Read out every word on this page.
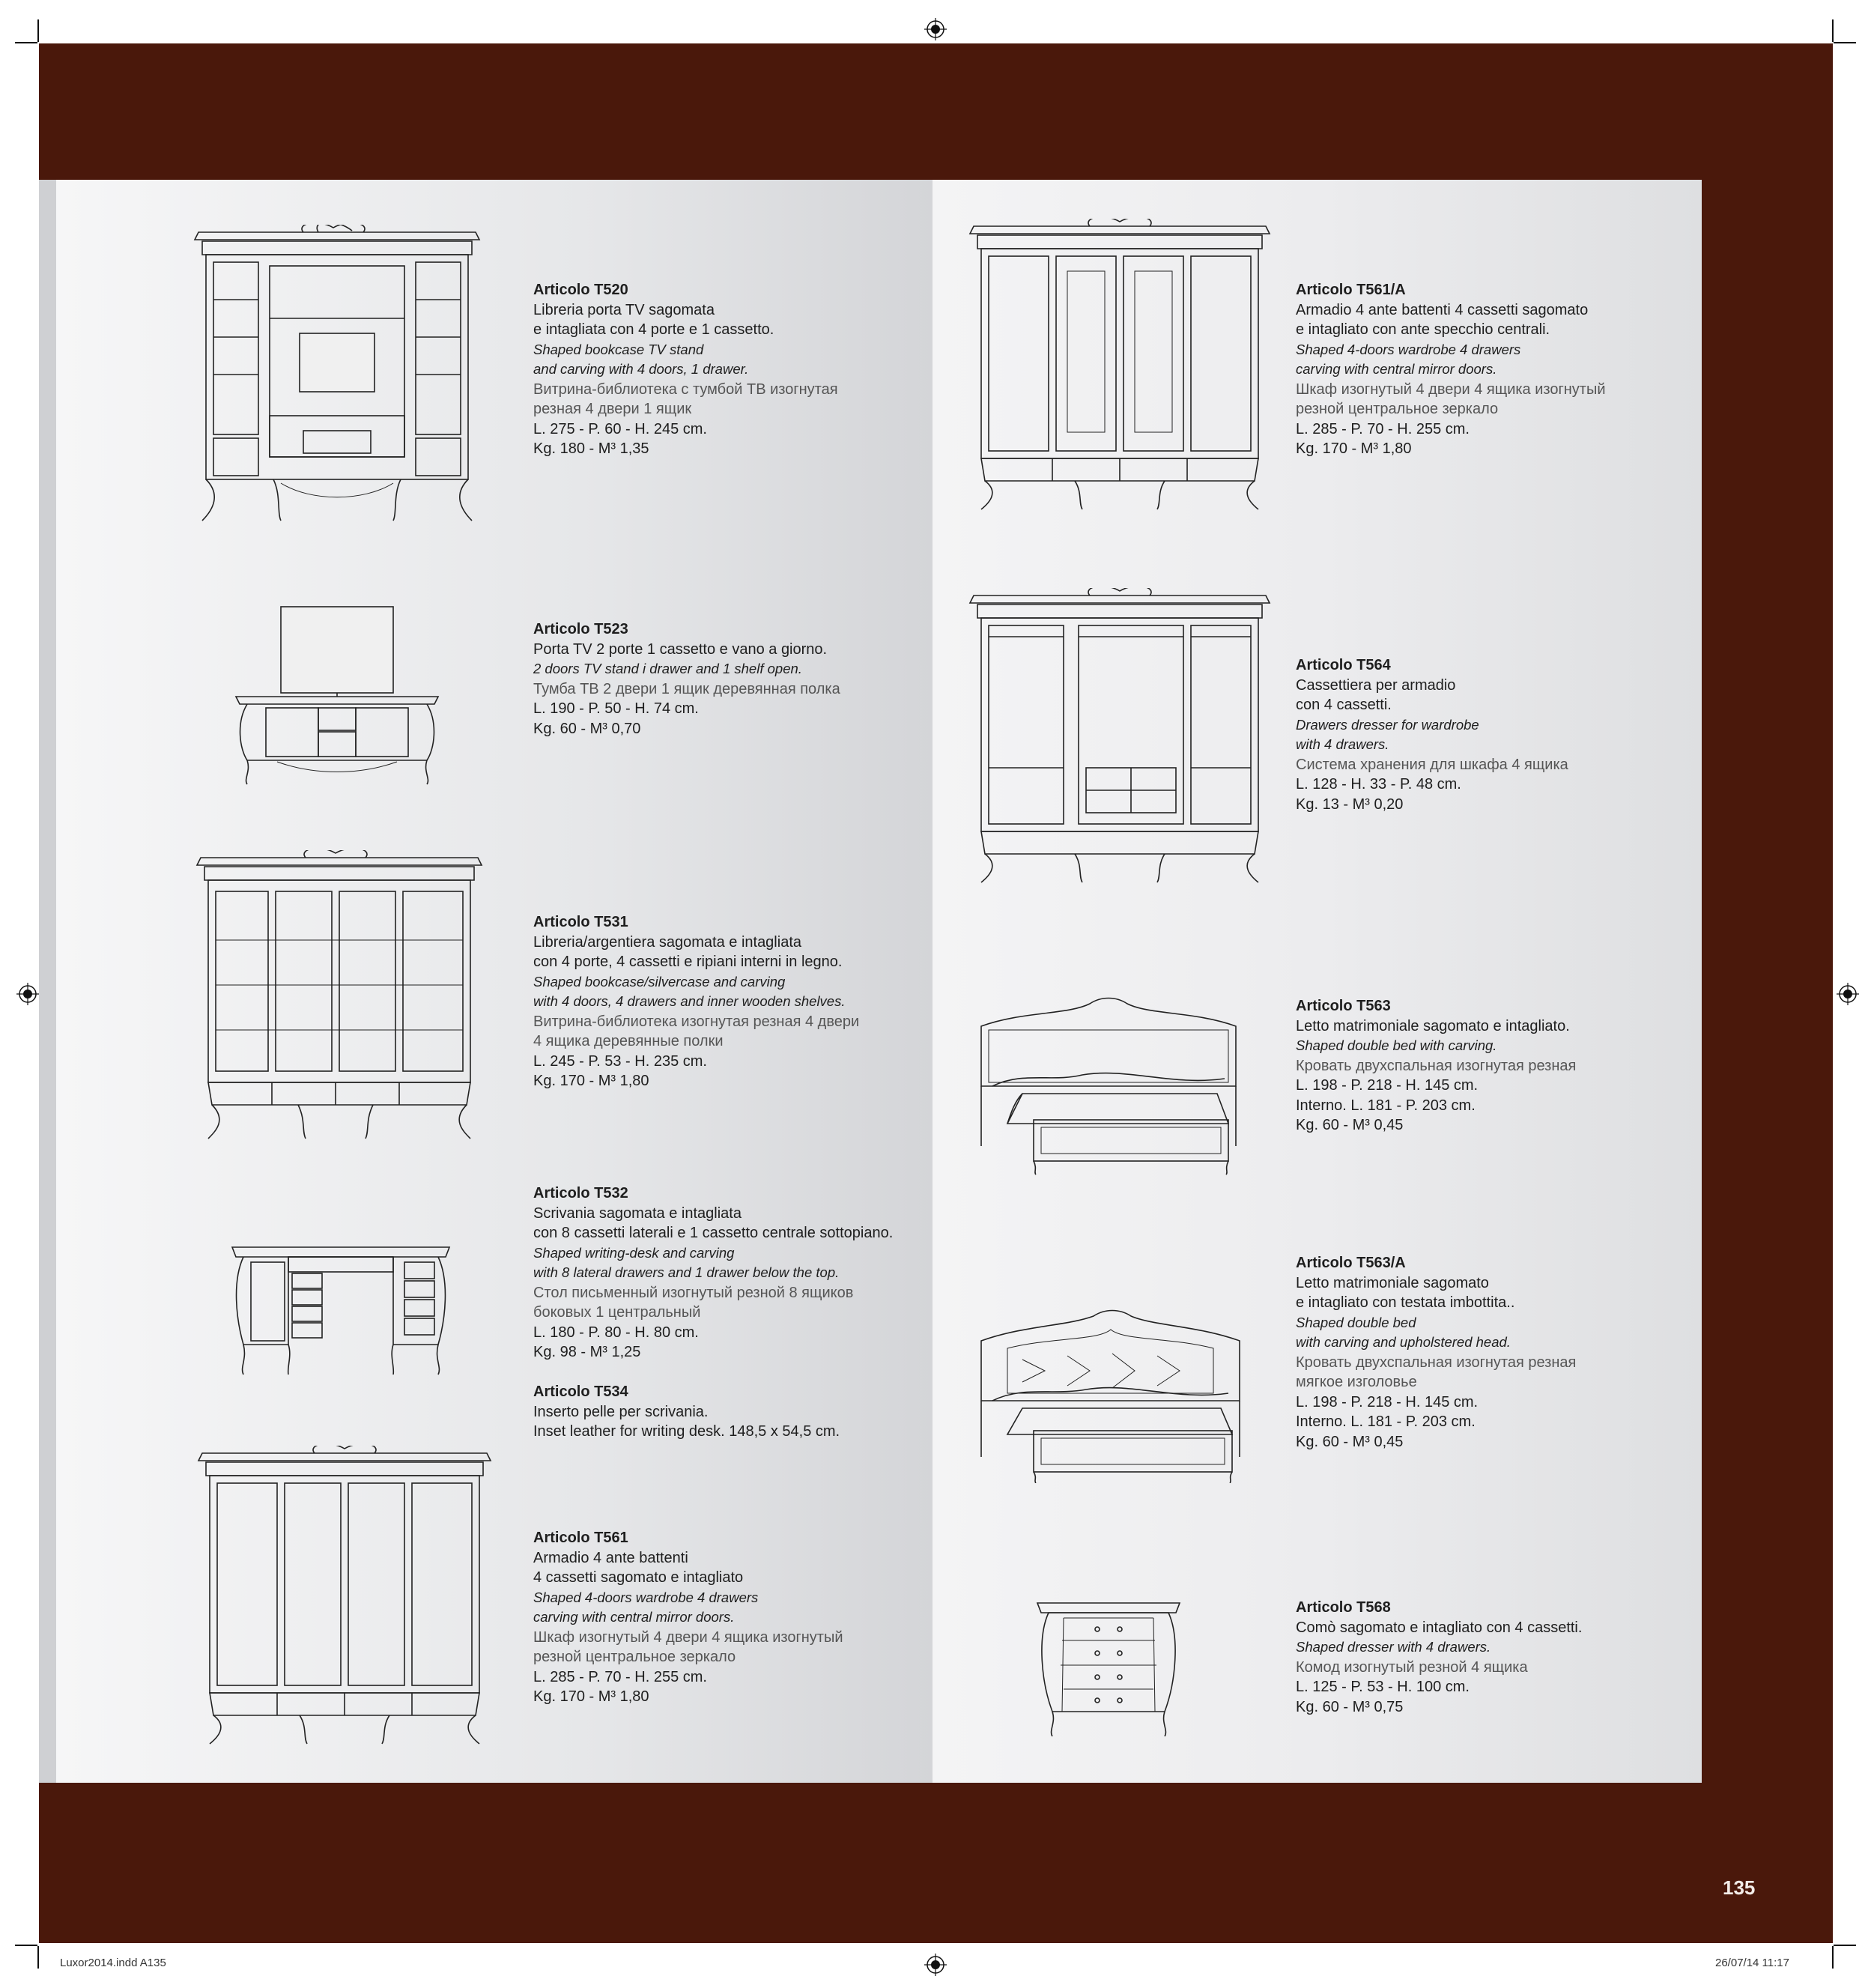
Articolo T520
Libreria porta TV sagomata
e intagliata con 4 porte e 1 cassetto.
Shaped bookcase TV stand
and carving with 4 doors, 1 drawer.
Витрина-библиотека с тумбой ТВ изогнутая
резная 4 двери 1 ящик
L. 275 - P. 60 - H. 245 cm.
Kg. 180 - M³ 1,35
Articolo T523
Porta TV 2 porte 1 cassetto e vano a giorno.
2 doors TV stand i drawer and 1 shelf open.
Тумба ТВ 2 двери 1 ящик деревянная полка
L. 190 - P. 50 - H. 74 cm.
Kg. 60 - M³ 0,70
Articolo T531
Libreria/argentiera sagomata e intagliata
con 4 porte, 4 cassetti e ripiani interni in legno.
Shaped bookcase/silvercase and carving
with 4 doors, 4 drawers and inner wooden shelves.
Витрина-библиотека изогнутая резная 4 двери
4 ящика деревянные полки
L. 245 - P. 53 - H. 235 cm.
Kg. 170 - M³ 1,80
Articolo T532
Scrivania sagomata e intagliata
con 8 cassetti laterali e 1 cassetto centrale sottopiano.
Shaped writing-desk and carving
with 8 lateral drawers and 1 drawer below the top.
Стол письменный изогнутый резной 8 ящиков
боковых 1 центральный
L. 180 - P. 80 - H. 80 cm.
Kg. 98 - M³ 1,25
Articolo T534
Inserto pelle per scrivania.
Inset leather for writing desk. 148,5 x 54,5 cm.
Articolo T561
Armadio 4 ante battenti
4 cassetti sagomato e intagliato
Shaped 4-doors wardrobe 4 drawers
carving with central mirror doors.
Шкаф изогнутый 4 двери 4 ящика изогнутый
резной центральное зеркало
L. 285 - P. 70 - H. 255 cm.
Kg. 170 - M³ 1,80
Articolo T561/A
Armadio 4 ante battenti 4 cassetti sagomato
e intagliato con ante specchio centrali.
Shaped 4-doors wardrobe 4 drawers
carving with central mirror doors.
Шкаф изогнутый 4 двери 4 ящика изогнутый
резной центральное зеркало
L. 285 - P. 70 - H. 255 cm.
Kg. 170 - M³ 1,80
Articolo T564
Cassettiera per armadio
con 4 cassetti.
Drawers dresser for wardrobe
with 4 drawers.
Система хранения для шкафа 4 ящика
L. 128 - H. 33 - P. 48 cm.
Kg. 13 - M³ 0,20
Articolo T563
Letto matrimoniale sagomato e intagliato.
Shaped double bed with carving.
Кровать двухспальная изогнутая резная
L. 198 - P. 218 - H. 145 cm.
Interno. L. 181 - P. 203 cm.
Kg. 60 - M³ 0,45
Articolo T563/A
Letto matrimoniale sagomato
e intagliato con testata imbottita..
Shaped double bed
with carving and upholstered head.
Кровать двухспальная изогнутая резная
мягкое изголовье
L. 198 - P. 218 - H. 145 cm.
Interno. L. 181 - P. 203 cm.
Kg. 60 - M³ 0,45
Articolo T568
Comò sagomato e intagliato con 4 cassetti.
Shaped dresser with 4 drawers.
Комод изогнутый резной 4 ящика
L. 125 - P. 53 - H. 100 cm.
Kg. 60 - M³ 0,75
135
Luxor2014.indd A135	26/07/14 11:17
